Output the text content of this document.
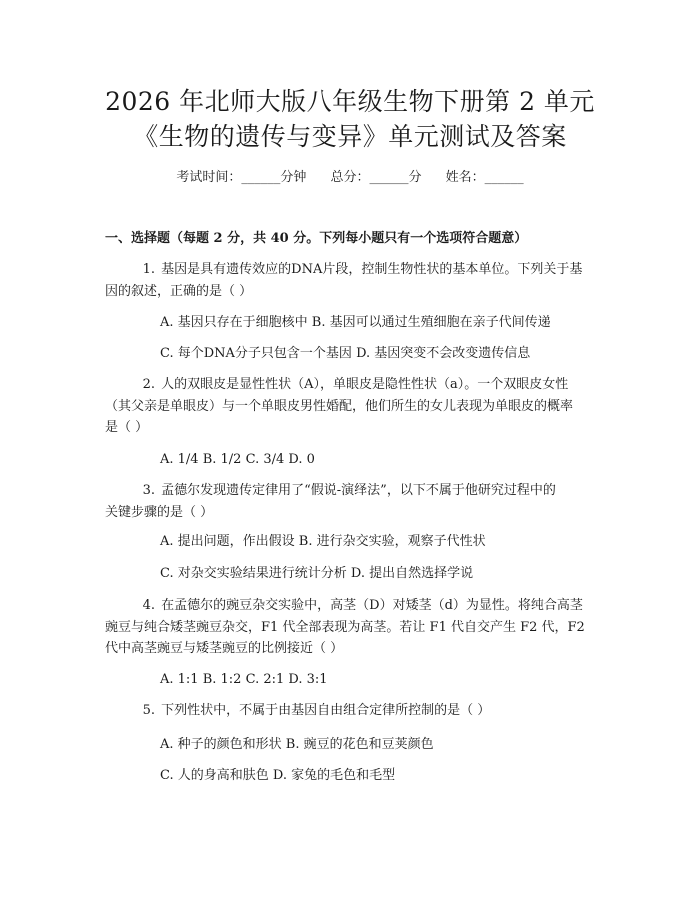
2026 年北师大版八年级生物下册第 2 单元
《生物的遗传与变异》单元测试及答案
考试时间：______分钟 总分：______分 姓名：______
一、选择题（每题 2 分，共 40 分。下列每小题只有一个选项符合题意）
1. 基因是具有遗传效应的DNA片段，控制生物性状的基本单位。下列关于基
因的叙述，正确的是（ ）
A. 基因只存在于细胞核中 B. 基因可以通过生殖细胞在亲子代间传递
C. 每个DNA分子只包含一个基因 D. 基因突变不会改变遗传信息
2. 人的双眼皮是显性性状（A），单眼皮是隐性性状（a）。一个双眼皮女性
（其父亲是单眼皮）与一个单眼皮男性婚配，他们所生的女儿表现为单眼皮的概率
是（ ）
A. 1/4 B. 1/2 C. 3/4 D. 0
3. 孟德尔发现遗传定律用了“假说-演绎法”，以下不属于他研究过程中的
关键步骤的是（ ）
A. 提出问题，作出假设 B. 进行杂交实验，观察子代性状
C. 对杂交实验结果进行统计分析 D. 提出自然选择学说
4. 在孟德尔的豌豆杂交实验中，高茎（D）对矮茎（d）为显性。将纯合高茎
豌豆与纯合矮茎豌豆杂交，F1 代全部表现为高茎。若让 F1 代自交产生 F2 代，F2
代中高茎豌豆与矮茎豌豆的比例接近（ ）
A. 1:1 B. 1:2 C. 2:1 D. 3:1
5. 下列性状中，不属于由基因自由组合定律所控制的是（ ）
A. 种子的颜色和形状 B. 豌豆的花色和豆荚颜色
C. 人的身高和肤色 D. 家兔的毛色和毛型
